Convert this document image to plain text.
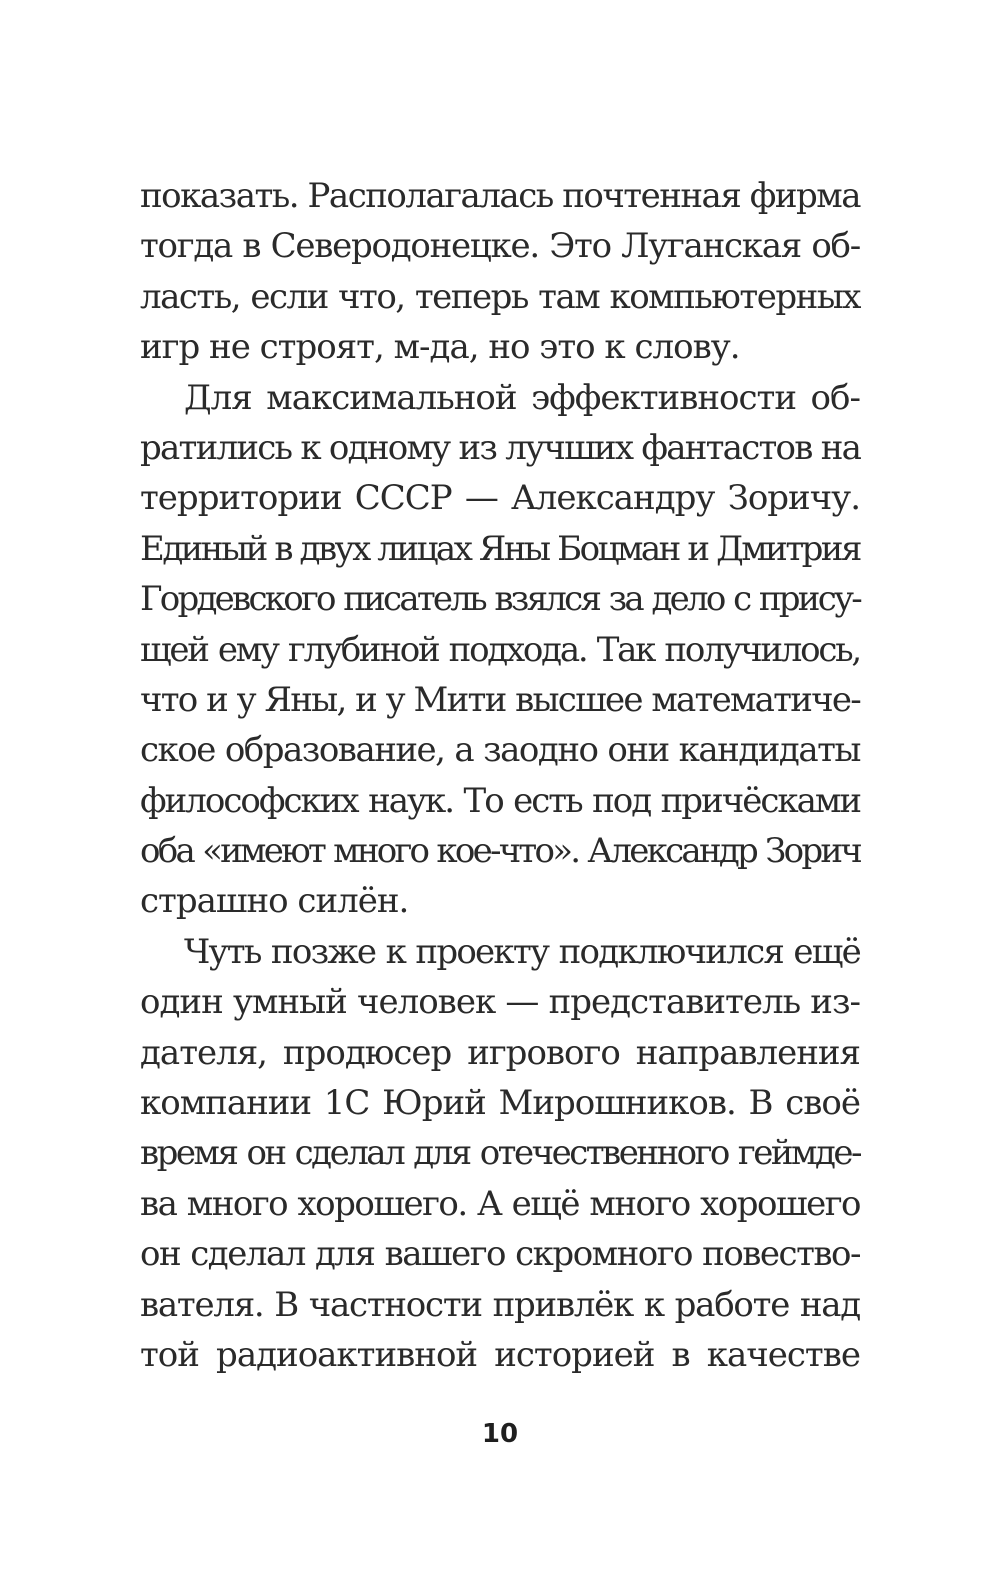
показать. Располагалась почтенная фирма
тогда в Северодонецке. Это Луганская об-
ласть, если что, теперь там компьютерных
игр не строят, м-да, но это к слову.
Для максимальной эффективности об-
ратились к одному из лучших фантастов на
территории СССР — Александру Зоричу.
Единый в двух лицах Яны Боцман и Дмитрия
Гордевского писатель взялся за дело с прису-
щей ему глубиной подхода. Так получилось,
что и у Яны, и у Мити высшее математиче-
ское образование, а заодно они кандидаты
философских наук. То есть под причёсками
оба «имеют много кое-что». Александр Зорич
страшно силён.
Чуть позже к проекту подключился ещё
один умный человек — представитель из-
дателя, продюсер игрового направления
компании 1С Юрий Мирошников. В своё
время он сделал для отечественного геймде-
ва много хорошего. А ещё много хорошего
он сделал для вашего скромного повество-
вателя. В частности привлёк к работе над
той радиоактивной историей в качестве
10
